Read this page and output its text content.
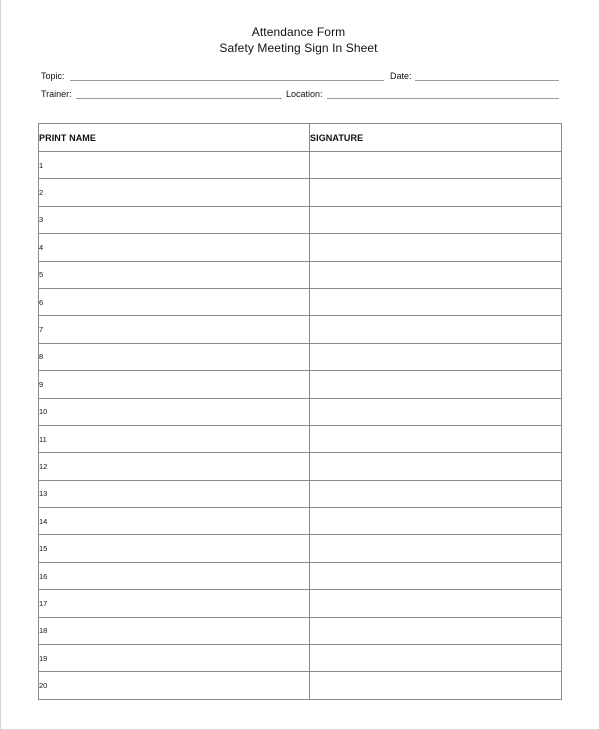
Attendance Form

Safety Meeting Sign In Sheet

Topic:	Date:
Trainer:	Location:
PRINT NAME	SIGNATURE
1	
2	
3	
4	
5	
6	
7	
8	
9	
10	
11	
12	
13	
14	
15	
16	
17	
18	
19	
20	
